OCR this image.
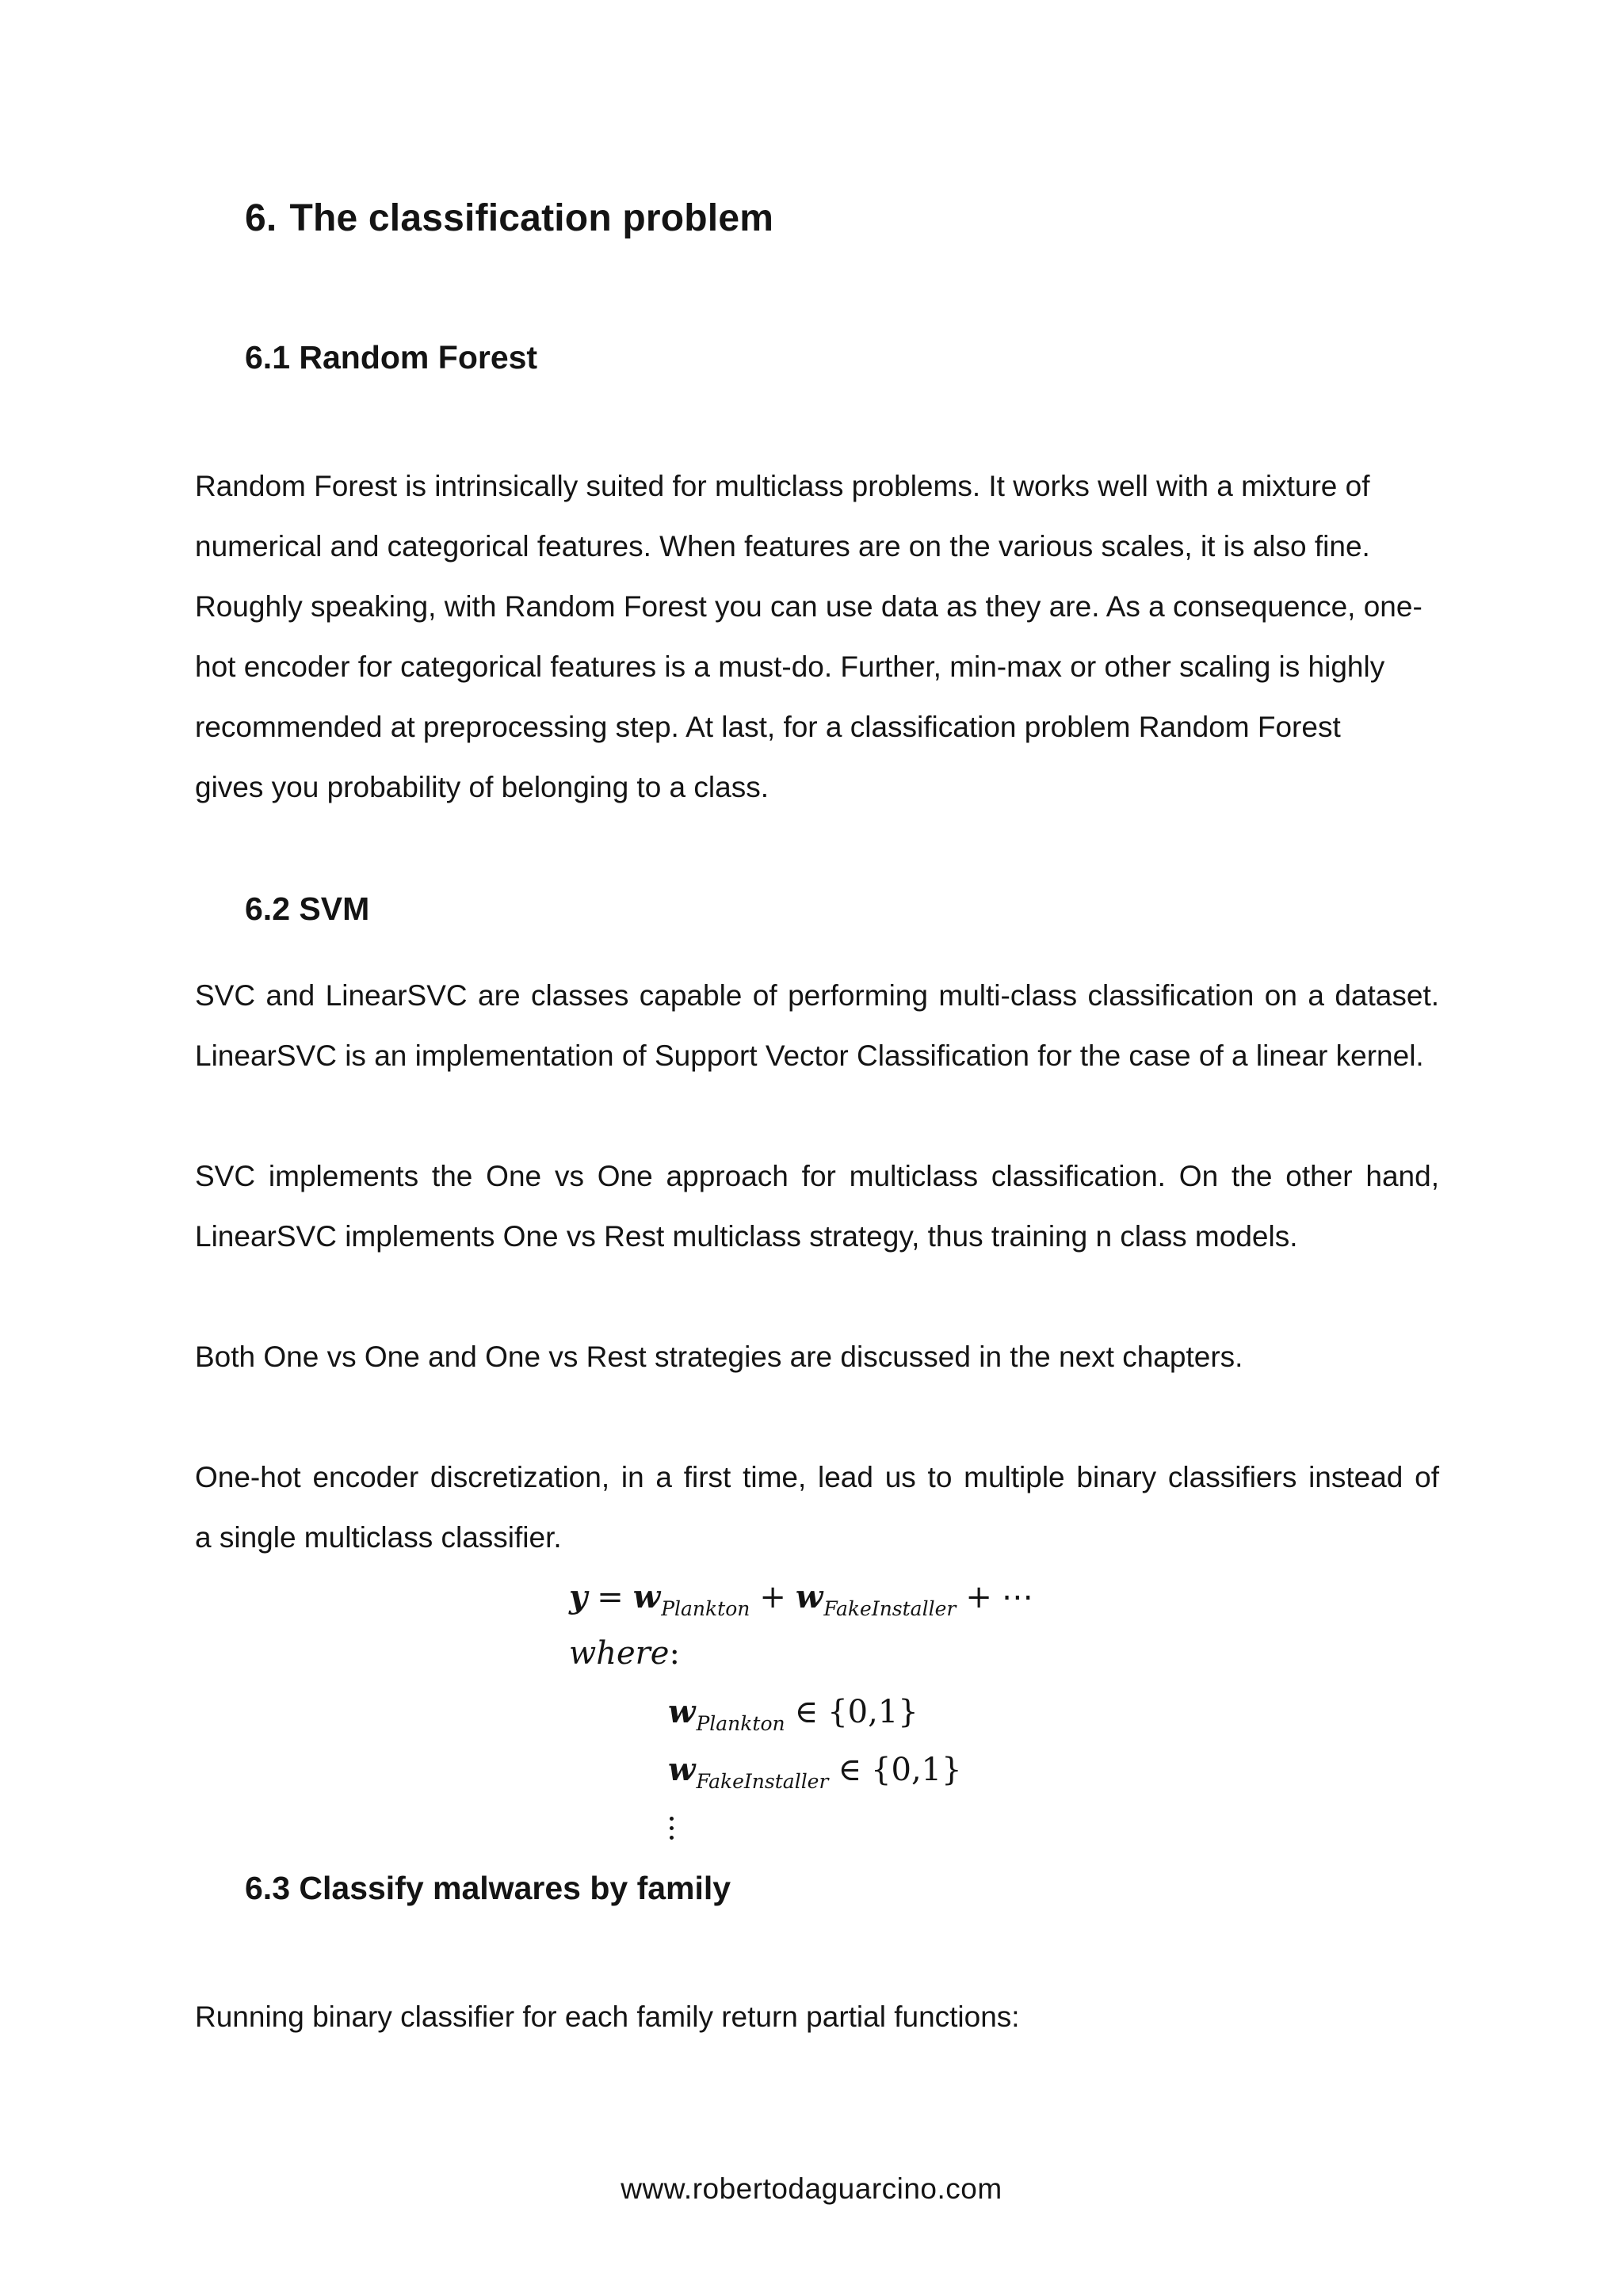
6. The classification problem
6.1 Random Forest
Random Forest is intrinsically suited for multiclass problems. It works well with a mixture of
numerical and categorical features. When features are on the various scales, it is also fine.
Roughly speaking, with Random Forest you can use data as they are. As a consequence, one-
hot encoder for categorical features is a must-do. Further, min-max or other scaling is highly
recommended at preprocessing step. At last, for a classification problem Random Forest
gives you probability of belonging to a class.
6.2 SVM
SVC and LinearSVC are classes capable of performing multi-class classification on a dataset.
LinearSVC is an implementation of Support Vector Classification for the case of a linear kernel.
SVC implements the One vs One approach for multiclass classification. On the other hand,
LinearSVC implements One vs Rest multiclass strategy, thus training n class models.
Both One vs One and One vs Rest strategies are discussed in the next chapters.
One-hot encoder discretization, in a first time, lead us to multiple binary classifiers instead of
a single multiclass classifier.
$y = w_{Plankton} + w_{FakeInstaller}$ + ⋯
where:
$w_{Plankton}$ ∈ {0,1}
$w_{FakeInstaller}$ ∈ {0,1}
6.3 Classify malwares by family
Running binary classifier for each family return partial functions:
www.robertodaguarcino.com
